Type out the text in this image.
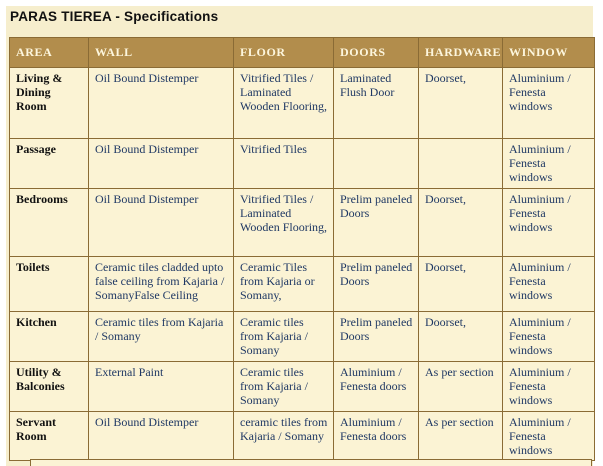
PARAS TIEREA - Specifications
AREA	WALL	FLOOR	DOORS	HARDWARE	WINDOW
Living & Dining Room	Oil Bound Distemper	Vitrified Tiles / Laminated Wooden Flooring,	Laminated Flush Door	Doorset,	Aluminium / Fenesta windows
Passage	Oil Bound Distemper	Vitrified Tiles			Aluminium / Fenesta windows
Bedrooms	Oil Bound Distemper	Vitrified Tiles / Laminated Wooden Flooring,	Prelim paneled Doors	Doorset,	Aluminium / Fenesta windows
Toilets	Ceramic tiles cladded upto false ceiling from Kajaria / SomanyFalse Ceiling	Ceramic Tiles from Kajaria or Somany,	Prelim paneled Doors	Doorset,	Aluminium / Fenesta windows
Kitchen	Ceramic tiles from Kajaria / Somany	Ceramic tiles from Kajaria / Somany	Prelim paneled Doors	Doorset,	Aluminium / Fenesta windows
Utility & Balconies	External Paint	Ceramic tiles from Kajaria / Somany	Aluminium / Fenesta doors	As per section	Aluminium / Fenesta windows
Servant Room	Oil Bound Distemper	ceramic tiles from Kajaria / Somany	Aluminium / Fenesta doors	As per section	Aluminium / Fenesta windows
